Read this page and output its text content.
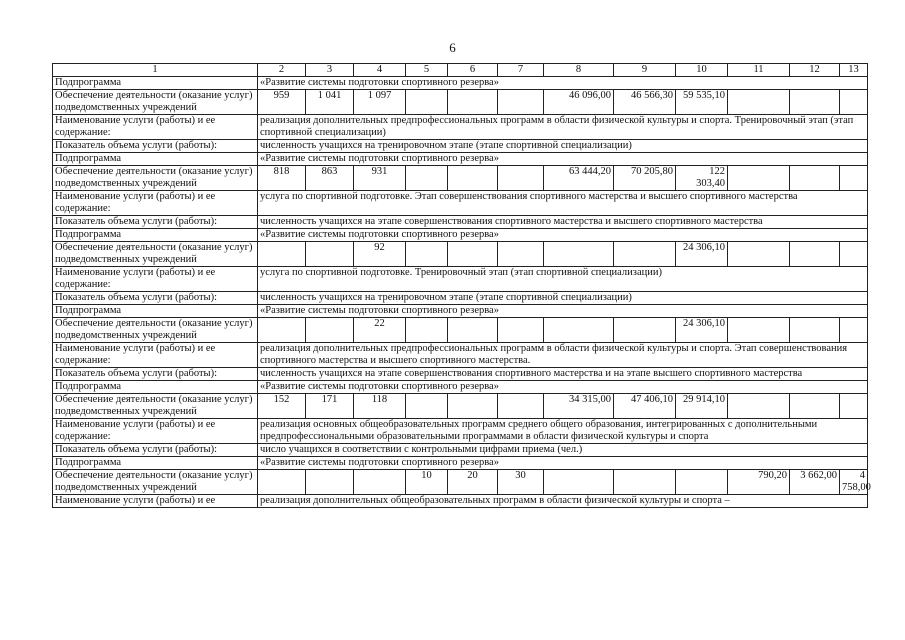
6
1	2	3	4	5	6	7	8	9	10	11	12	13
Подпрограмма	«Развитие системы подготовки спортивного резерва»											
Обеспечение деятельности (оказание услуг) подведомственных учреждений	959	1 041	1 097				46 096,00	46 566,30	59 535,10			
Наименование услуги (работы) и ее содержание:	реализация дополнительных предпрофессиональных программ в области физической культуры и спорта. Тренировочный этап (этап спортивной специализации)											
Показатель объема услуги (работы):	численность учащихся на тренировочном этапе (этапе спортивной специализации)											
Подпрограмма	«Развитие системы подготовки спортивного резерва»											
Обеспечение деятельности (оказание услуг) подведомственных учреждений	818	863	931				63 444,20	70 205,80	122 303,40			
Наименование услуги (работы) и ее содержание:	услуга по спортивной подготовке. Этап совершенствования спортивного мастерства и высшего спортивного мастерства											
Показатель объема услуги (работы):	численность учащихся на этапе совершенствования спортивного мастерства и высшего спортивного мастерства											
Подпрограмма	«Развитие системы подготовки спортивного резерва»											
Обеспечение деятельности (оказание услуг) подведомственных учреждений			92						24 306,10			
Наименование услуги (работы) и ее содержание:	услуга по спортивной подготовке. Тренировочный этап (этап спортивной специализации)											
Показатель объема услуги (работы):	численность учащихся на тренировочном этапе (этапе спортивной специализации)											
Подпрограмма	«Развитие системы подготовки спортивного резерва»											
Обеспечение деятельности (оказание услуг) подведомственных учреждений			22						24 306,10			
Наименование услуги (работы) и ее содержание:	реализация дополнительных предпрофессиональных программ в области физической культуры и спорта. Этап совершенствования спортивного мастерства и высшего спортивного мастерства.											
Показатель объема услуги (работы):	численность учащихся на этапе совершенствования спортивного мастерства и на этапе высшего спортивного мастерства											
Подпрограмма	«Развитие системы подготовки спортивного резерва»											
Обеспечение деятельности (оказание услуг) подведомственных учреждений	152	171	118				34 315,00	47 406,10	29 914,10			
Наименование услуги (работы) и ее содержание:	реализация основных общеобразовательных программ среднего общего образования, интегрированных с дополнительными предпрофессиональными образовательными программами в области физической культуры и спорта											
Показатель объема услуги (работы):	число учащихся в соответствии с контрольными цифрами приема (чел.)											
Подпрограмма	«Развитие системы подготовки спортивного резерва»											
Обеспечение деятельности (оказание услуг) подведомственных учреждений				10	20	30				790,20	3 662,00	4 758,00
Наименование услуги (работы) и ее	реализация дополнительных общеобразовательных программ в области физической культуры и спорта –											
